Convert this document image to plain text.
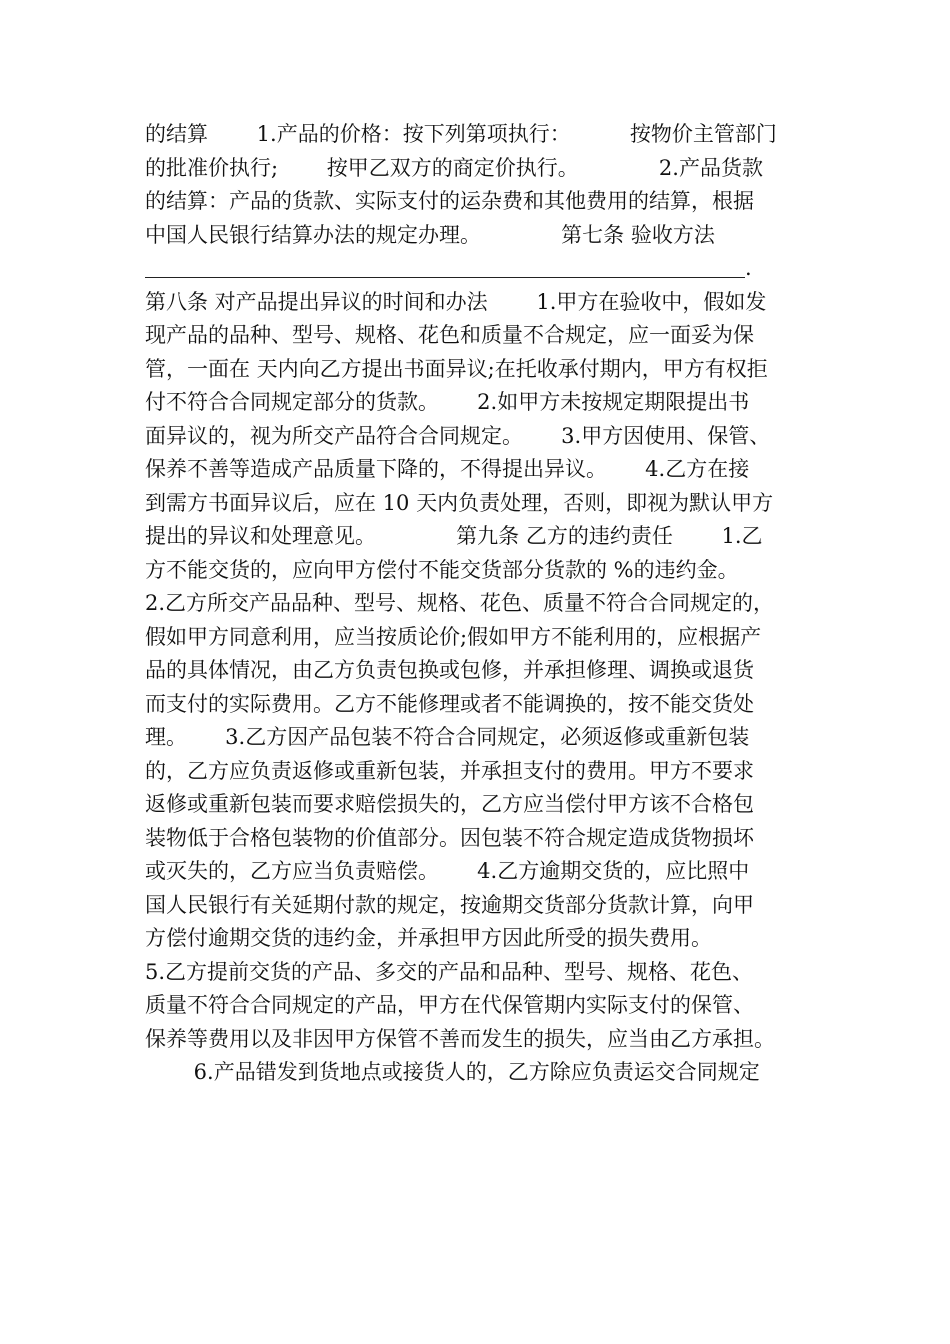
的结算　　 1.产品的价格：按下列第项执行：　　　 按物价主管部门
的批准价执行;　　 按甲乙双方的商定价执行。　　　　 2.产品货款
的结算：产品的货款、实际支付的运杂费和其他费用的结算，根据
中国人民银行结算办法的规定办理。　　　　 第七条 验收方法
.
第八条 对产品提出异议的时间和办法　　 1.甲方在验收中，假如发
现产品的品种、型号、规格、花色和质量不合规定，应一面妥为保
管，一面在 天内向乙方提出书面异议;在托收承付期内，甲方有权拒
付不符合合同规定部分的货款。　　 2.如甲方未按规定期限提出书
面异议的，视为所交产品符合合同规定。　　 3.甲方因使用、保管、
保养不善等造成产品质量下降的，不得提出异议。　　 4.乙方在接
到需方书面异议后，应在 10 天内负责处理，否则，即视为默认甲方
提出的异议和处理意见。　　　　 第九条 乙方的违约责任　　 1.乙
方不能交货的，应向甲方偿付不能交货部分货款的 %的违约金。
2.乙方所交产品品种、型号、规格、花色、质量不符合合同规定的，
假如甲方同意利用，应当按质论价;假如甲方不能利用的，应根据产
品的具体情况，由乙方负责包换或包修，并承担修理、调换或退货
而支付的实际费用。乙方不能修理或者不能调换的，按不能交货处
理。　　 3.乙方因产品包装不符合合同规定，必须返修或重新包装
的，乙方应负责返修或重新包装，并承担支付的费用。甲方不要求
返修或重新包装而要求赔偿损失的，乙方应当偿付甲方该不合格包
装物低于合格包装物的价值部分。因包装不符合规定造成货物损坏
或灭失的，乙方应当负责赔偿。　　 4.乙方逾期交货的，应比照中
国人民银行有关延期付款的规定，按逾期交货部分货款计算，向甲
方偿付逾期交货的违约金，并承担甲方因此所受的损失费用。
5.乙方提前交货的产品、多交的产品和品种、型号、规格、花色、
质量不符合合同规定的产品，甲方在代保管期内实际支付的保管、
保养等费用以及非因甲方保管不善而发生的损失，应当由乙方承担。
　　 6.产品错发到货地点或接货人的，乙方除应负责运交合同规定
